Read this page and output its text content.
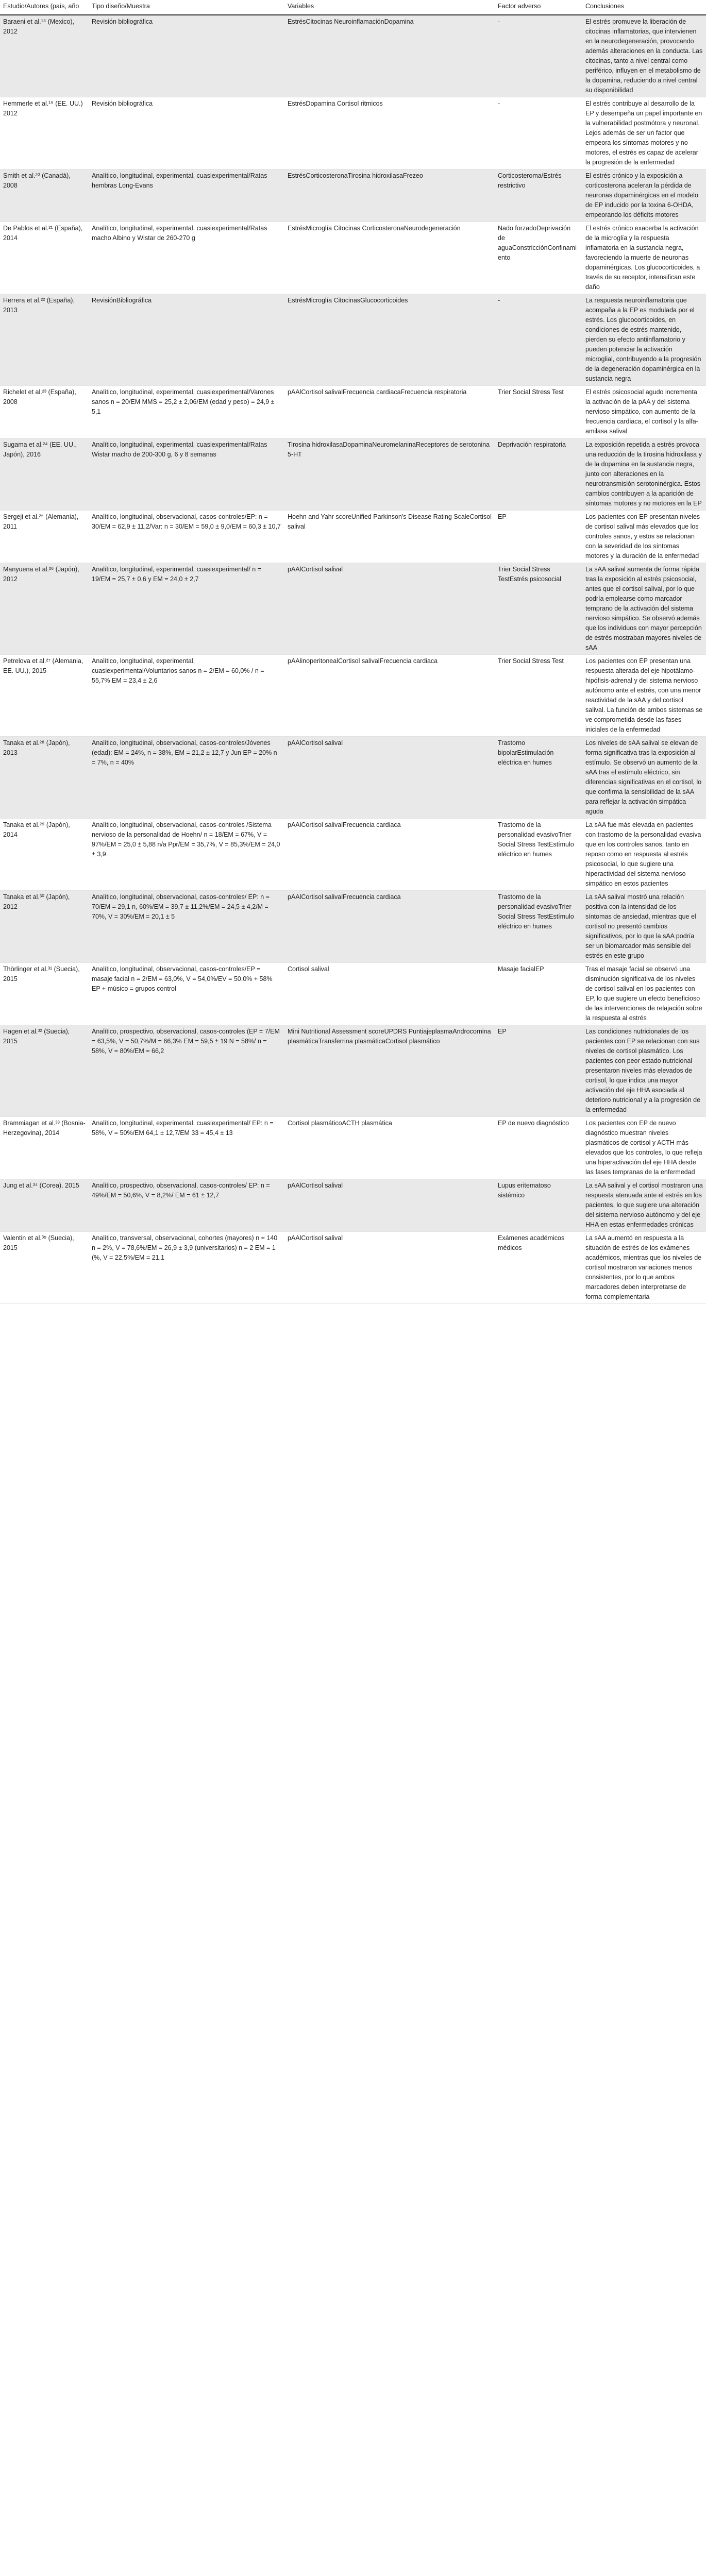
Estudio/Autores (país, año	Tipo diseño/Muestra	Variables	Factor adverso	Conclusiones
Baraeni et al.¹⁸ (Mexico), 2012	Revisión bibliográfica	EstrésCitocinas NeuroinflamaciónDopamina	-	El estrés promueve la liberación de citocinas inflamatorias, que intervienen en la neurodegeneración, provocando además alteraciones en la conducta. Las citocinas, tanto a nivel central como periférico, influyen en el metabolismo de la dopamina, reduciendo a nivel central su disponibilidad
Hemmerle et al.¹⁹ (EE. UU.) 2012	Revisión bibliográfica	EstrésDopamina Cortisol ritmicos	-	El estrés contribuye al desarrollo de la EP y desempeña un papel importante en la vulnerabilidad postmótora y neuronal. Lejos además de ser un factor que empeora los síntomas motores y no motores, el estrés es capaz de acelerar la progresión de la enfermedad
Smith et al.²⁰ (Canadá), 2008	Analítico, longitudinal, experimental, cuasiexperimental/Ratas hembras Long-Evans	EstrésCorticosteronaTirosina hidroxilasaFrezeo	Corticosteroma/Estrés restrictivo	El estrés crónico y la exposición a corticosterona aceleran la pérdida de neuronas dopaminérgicas en el modelo de EP inducido por la toxina 6-OHDA, empeorando los déficits motores
De Pablos et al.²¹ (España), 2014	Analítico, longitudinal, experimental, cuasiexperimental/Ratas macho Albino y Wistar de 260-270 g	EstrésMicroglía Citocinas CorticosteronaNeurodegeneración	Nado forzadoDeprivación de aguaConstricciónConfinamiento	El estrés crónico exacerba la activación de la microglía y la respuesta inflamatoria en la sustancia negra, favoreciendo la muerte de neuronas dopaminérgicas. Los glucocorticoides, a través de su receptor, intensifican este daño
Herrera et al.²² (España), 2013	RevisiónBibliográfica	EstrésMicroglía CitocinasGlucocorticoides	-	La respuesta neuroinflamatoria que acompaña a la EP es modulada por el estrés. Los glucocorticoides, en condiciones de estrés mantenido, pierden su efecto antiinflamatorio y pueden potenciar la activación microglial, contribuyendo a la progresión de la degeneración dopaminérgica en la sustancia negra
Richelet et al.²³ (España), 2008	Analítico, longitudinal, experimental, cuasiexperimental/Varones sanos n = 20/EM MMS = 25,2 ± 2,06/EM (edad y peso) = 24,9 ± 5,1	pAAlCortisol salivalFrecuencia cardiacaFrecuencia respiratoria	Trier Social Stress Test	El estrés psicosocial agudo incrementa la activación de la pAA y del sistema nervioso simpático, con aumento de la frecuencia cardiaca, el cortisol y la alfa-amilasa salival
Sugama et al.²⁴ (EE. UU., Japón), 2016	Analítico, longitudinal, experimental, cuasiexperimental/Ratas Wistar macho de 200-300 g, 6 y 8 semanas	Tirosina hidroxilasaDopaminaNeuromelaninaReceptores de serotonina 5-HT	Deprivación respiratoria	La exposición repetida a estrés provoca una reducción de la tirosina hidroxilasa y de la dopamina en la sustancia negra, junto con alteraciones en la neurotransmisión serotoninérgica. Estos cambios contribuyen a la aparición de síntomas motores y no motores en la EP
Sergeji et al.²⁵ (Alemania), 2011	Analítico, longitudinal, observacional, casos-controles/EP: n = 30/EM = 62,9 ± 11,2/Var: n = 30/EM = 59,0 ± 9,0/EM = 60,3 ± 10,7	Hoehn and Yahr scoreUnified Parkinson's Disease Rating ScaleCortisol salival	EP	Los pacientes con EP presentan niveles de cortisol salival más elevados que los controles sanos, y estos se relacionan con la severidad de los síntomas motores y la duración de la enfermedad
Manyuena et al.²⁶ (Japón), 2012	Analítico, longitudinal, experimental, cuasiexperimental/ n = 19/EM = 25,7 ± 0,6 y EM = 24,0 ± 2,7	pAAlCortisol salival	Trier Social Stress TestEstrés psicosocial	La sAA salival aumenta de forma rápida tras la exposición al estrés psicosocial, antes que el cortisol salival, por lo que podría emplearse como marcador temprano de la activación del sistema nervioso simpático. Se observó además que los individuos con mayor percepción de estrés mostraban mayores niveles de sAA
Petrelova et al.²⁷ (Alemania, EE. UU.), 2015	Analítico, longitudinal, experimental, cuasiexperimental/Voluntarios sanos n = 2/EM = 60,0% / n = 55,7% EM = 23,4 ± 2,6	pAAlinoperitonealCortisol salivalFrecuencia cardiaca	Trier Social Stress Test	Los pacientes con EP presentan una respuesta alterada del eje hipotálamo-hipófisis-adrenal y del sistema nervioso autónomo ante el estrés, con una menor reactividad de la sAA y del cortisol salival. La función de ambos sistemas se ve comprometida desde las fases iniciales de la enfermedad
Tanaka et al.²⁸ (Japón), 2013	Analítico, longitudinal, observacional, casos-controles/Jóvenes (edad): EM = 24%, n = 38%, EM = 21,2 ± 12,7 y Jun EP = 20% n = 7%, n = 40%	pAAlCortisol salival	Trastorno bipolarEstimulación eléctrica en humes	Los niveles de sAA salival se elevan de forma significativa tras la exposición al estímulo. Se observó un aumento de la sAA tras el estímulo eléctrico, sin diferencias significativas en el cortisol, lo que confirma la sensibilidad de la sAA para reflejar la activación simpática aguda
Tanaka et al.²⁹ (Japón), 2014	Analítico, longitudinal, observacional, casos-controles /Sistema nervioso de la personalidad de Hoehn/ n = 18/EM = 67%, V = 97%/EM = 25,0 ± 5,88 n/a Ppr/EM = 35,7%, V = 85,3%/EM = 24,0 ± 3,9	pAAlCortisol salivalFrecuencia cardiaca	Trastorno de la personalidad evasivoTrier Social Stress TestEstímulo eléctrico en humes	La sAA fue más elevada en pacientes con trastorno de la personalidad evasiva que en los controles sanos, tanto en reposo como en respuesta al estrés psicosocial, lo que sugiere una hiperactividad del sistema nervioso simpático en estos pacientes
Tanaka et al.³⁰ (Japón), 2012	Analítico, longitudinal, observacional, casos-controles/ EP: n = 70/EM = 29,1 n, 60%/EM = 39,7 ± 11,2%/EM = 24,5 ± 4,2/M = 70%, V = 30%/EM = 20,1 ± 5	pAAlCortisol salivalFrecuencia cardiaca	Trastorno de la personalidad evasivoTrier Social Stress TestEstímulo eléctrico en humes	La sAA salival mostró una relación positiva con la intensidad de los síntomas de ansiedad, mientras que el cortisol no presentó cambios significativos, por lo que la sAA podría ser un biomarcador más sensible del estrés en este grupo
Thörlinger et al.³¹ (Suecia), 2015	Analítico, longitudinal, observacional, casos-controles/EP = masaje facial n = 2/EM = 63,0%, V = 54,0%/EV = 50,0% + 58% EP + músico = grupos control	Cortisol salival	Masaje facialEP	Tras el masaje facial se observó una disminución significativa de los niveles de cortisol salival en los pacientes con EP, lo que sugiere un efecto beneficioso de las intervenciones de relajación sobre la respuesta al estrés
Hagen et al.³² (Suecia), 2015	Analítico, prospectivo, observacional, casos-controles (EP = 7/EM = 63,5%, V = 50,7%/M = 66,3% EM = 59,5 ± 19 N = 58%/ n = 58%, V = 80%/EM = 66,2	Mini Nutritional Assessment scoreUPDRS PuntiajeplasmaAndrocornina plasmáticaTransferrina plasmáticaCortisol plasmático	EP	Las condiciones nutricionales de los pacientes con EP se relacionan con sus niveles de cortisol plasmático. Los pacientes con peor estado nutricional presentaron niveles más elevados de cortisol, lo que indica una mayor activación del eje HHA asociada al deterioro nutricional y a la progresión de la enfermedad
Brammiagan et al.³³ (Bosnia-Herzegovina), 2014	Analítico, longitudinal, experimental, cuasiexperimental/ EP: n = 58%, V = 50%/EM 64,1 ± 12,7/EM 33 = 45,4 ± 13	Cortisol plasmáticoACTH plasmática	EP de nuevo diagnóstico	Los pacientes con EP de nuevo diagnóstico muestran niveles plasmáticos de cortisol y ACTH más elevados que los controles, lo que refleja una hiperactivación del eje HHA desde las fases tempranas de la enfermedad
Jung et al.³⁴ (Corea), 2015	Analítico, prospectivo, observacional, casos-controles/ EP: n = 49%/EM = 50,6%, V = 8,2%/ EM = 61 ± 12,7	pAAlCortisol salival	Lupus eritematoso sistémico	La sAA salival y el cortisol mostraron una respuesta atenuada ante el estrés en los pacientes, lo que sugiere una alteración del sistema nervioso autónomo y del eje HHA en estas enfermedades crónicas
Valentin et al.³⁵ (Suecia), 2015	Analítico, transversal, observacional, cohortes (mayores) n = 140 n = 2%, V = 78,6%/EM = 26,9 ± 3,9 (universitarios) n = 2 EM = 1 (%, V = 22,5%/EM = 21,1	pAAlCortisol salival	Exámenes académicos médicos	La sAA aumentó en respuesta a la situación de estrés de los exámenes académicos, mientras que los niveles de cortisol mostraron variaciones menos consistentes, por lo que ambos marcadores deben interpretarse de forma complementaria
